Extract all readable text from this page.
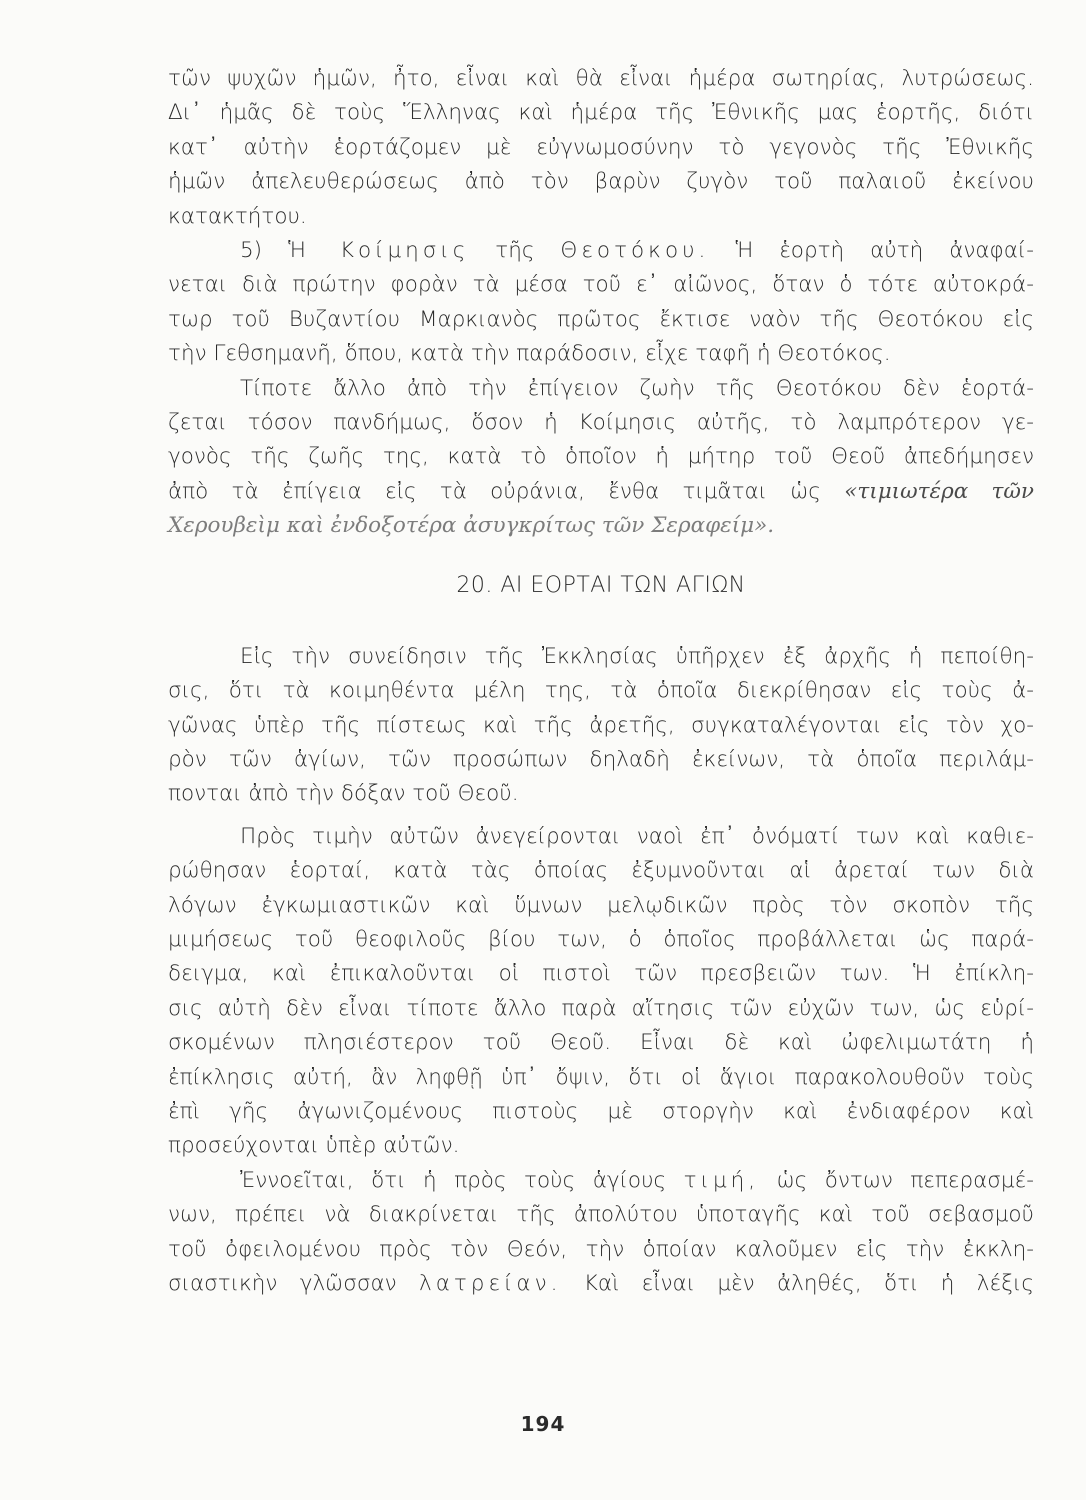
τῶν ψυχῶν ἡμῶν, ἦτο, εἶναι καὶ θὰ εἶναι ἡμέρα σωτηρίας, λυτρώσεως.
Δι᾽ ἡμᾶς δὲ τοὺς Ἕλληνας καὶ ἡμέρα τῆς Ἐθνικῆς μας ἑορτῆς, διότι
κατ᾽ αὐτὴν ἑορτάζομεν μὲ εὐγνωμοσύνην τὸ γεγονὸς τῆς Ἐθνικῆς
ἡμῶν ἀπελευθερώσεως ἀπὸ τὸν βαρὺν ζυγὸν τοῦ παλαιοῦ ἐκείνου
κατακτήτου.
5) Ἡ Κοίμησις τῆς Θεοτόκου. Ἡ ἑορτὴ αὐτὴ ἀναφαί-
νεται διὰ πρώτην φορὰν τὰ μέσα τοῦ ε᾽ αἰῶνος, ὅταν ὁ τότε αὐτοκρά-
τωρ τοῦ Βυζαντίου Μαρκιανὸς πρῶτος ἔκτισε ναὸν τῆς Θεοτόκου εἰς
τὴν Γεθσημανῆ, ὅπου, κατὰ τὴν παράδοσιν, εἶχε ταφῆ ἡ Θεοτόκος.
Τίποτε ἄλλο ἀπὸ τὴν ἐπίγειον ζωὴν τῆς Θεοτόκου δὲν ἑορτά-
ζεται τόσον πανδήμως, ὅσον ἡ Κοίμησις αὐτῆς, τὸ λαμπρότερον γε-
γονὸς τῆς ζωῆς της, κατὰ τὸ ὁποῖον ἡ μήτηρ τοῦ Θεοῦ ἀπεδήμησεν
ἀπὸ τὰ ἐπίγεια εἰς τὰ οὐράνια, ἔνθα τιμᾶται ὡς «τιμιωτέρα τῶν
Χερουβεὶμ καὶ ἐνδοξοτέρα ἀσυγκρίτως τῶν Σεραφείμ».
20. ΑΙ ΕΟΡΤΑΙ ΤΩΝ ΑΓΙΩΝ
Εἰς τὴν συνείδησιν τῆς Ἐκκλησίας ὑπῆρχεν ἐξ ἀρχῆς ἡ πεποίθη-
σις, ὅτι τὰ κοιμηθέντα μέλη της, τὰ ὁποῖα διεκρίθησαν εἰς τοὺς ἀ-
γῶνας ὑπὲρ τῆς πίστεως καὶ τῆς ἀρετῆς, συγκαταλέγονται εἰς τὸν χο-
ρὸν τῶν ἁγίων, τῶν προσώπων δηλαδὴ ἐκείνων, τὰ ὁποῖα περιλάμ-
πονται ἀπὸ τὴν δόξαν τοῦ Θεοῦ.
Πρὸς τιμὴν αὐτῶν ἀνεγείρονται ναοὶ ἐπ᾽ ὀνόματί των καὶ καθιε-
ρώθησαν ἑορταί, κατὰ τὰς ὁποίας ἐξυμνοῦνται αἱ ἀρεταί των διὰ
λόγων ἐγκωμιαστικῶν καὶ ὕμνων μελῳδικῶν πρὸς τὸν σκοπὸν τῆς
μιμήσεως τοῦ θεοφιλοῦς βίου των, ὁ ὁποῖος προβάλλεται ὡς παρά-
δειγμα, καὶ ἐπικαλοῦνται οἱ πιστοὶ τῶν πρεσβειῶν των. Ἡ ἐπίκλη-
σις αὐτὴ δὲν εἶναι τίποτε ἄλλο παρὰ αἴτησις τῶν εὐχῶν των, ὡς εὑρί-
σκομένων πλησιέστερον τοῦ Θεοῦ. Εἶναι δὲ καὶ ὠφελιμωτάτη ἡ
ἐπίκλησις αὐτή, ἂν ληφθῇ ὑπ᾽ ὄψιν, ὅτι οἱ ἅγιοι παρακολουθοῦν τοὺς
ἐπὶ γῆς ἀγωνιζομένους πιστοὺς μὲ στοργὴν καὶ ἐνδιαφέρον καὶ
προσεύχονται ὑπὲρ αὐτῶν.
Ἐννοεῖται, ὅτι ἡ πρὸς τοὺς ἁγίους τιμή, ὡς ὄντων πεπερασμέ-
νων, πρέπει νὰ διακρίνεται τῆς ἀπολύτου ὑποταγῆς καὶ τοῦ σεβασμοῦ
τοῦ ὀφειλομένου πρὸς τὸν Θεόν, τὴν ὁποίαν καλοῦμεν εἰς τὴν ἐκκλη-
σιαστικὴν γλῶσσαν λατρείαν. Καὶ εἶναι μὲν ἀληθές, ὅτι ἡ λέξις
194
